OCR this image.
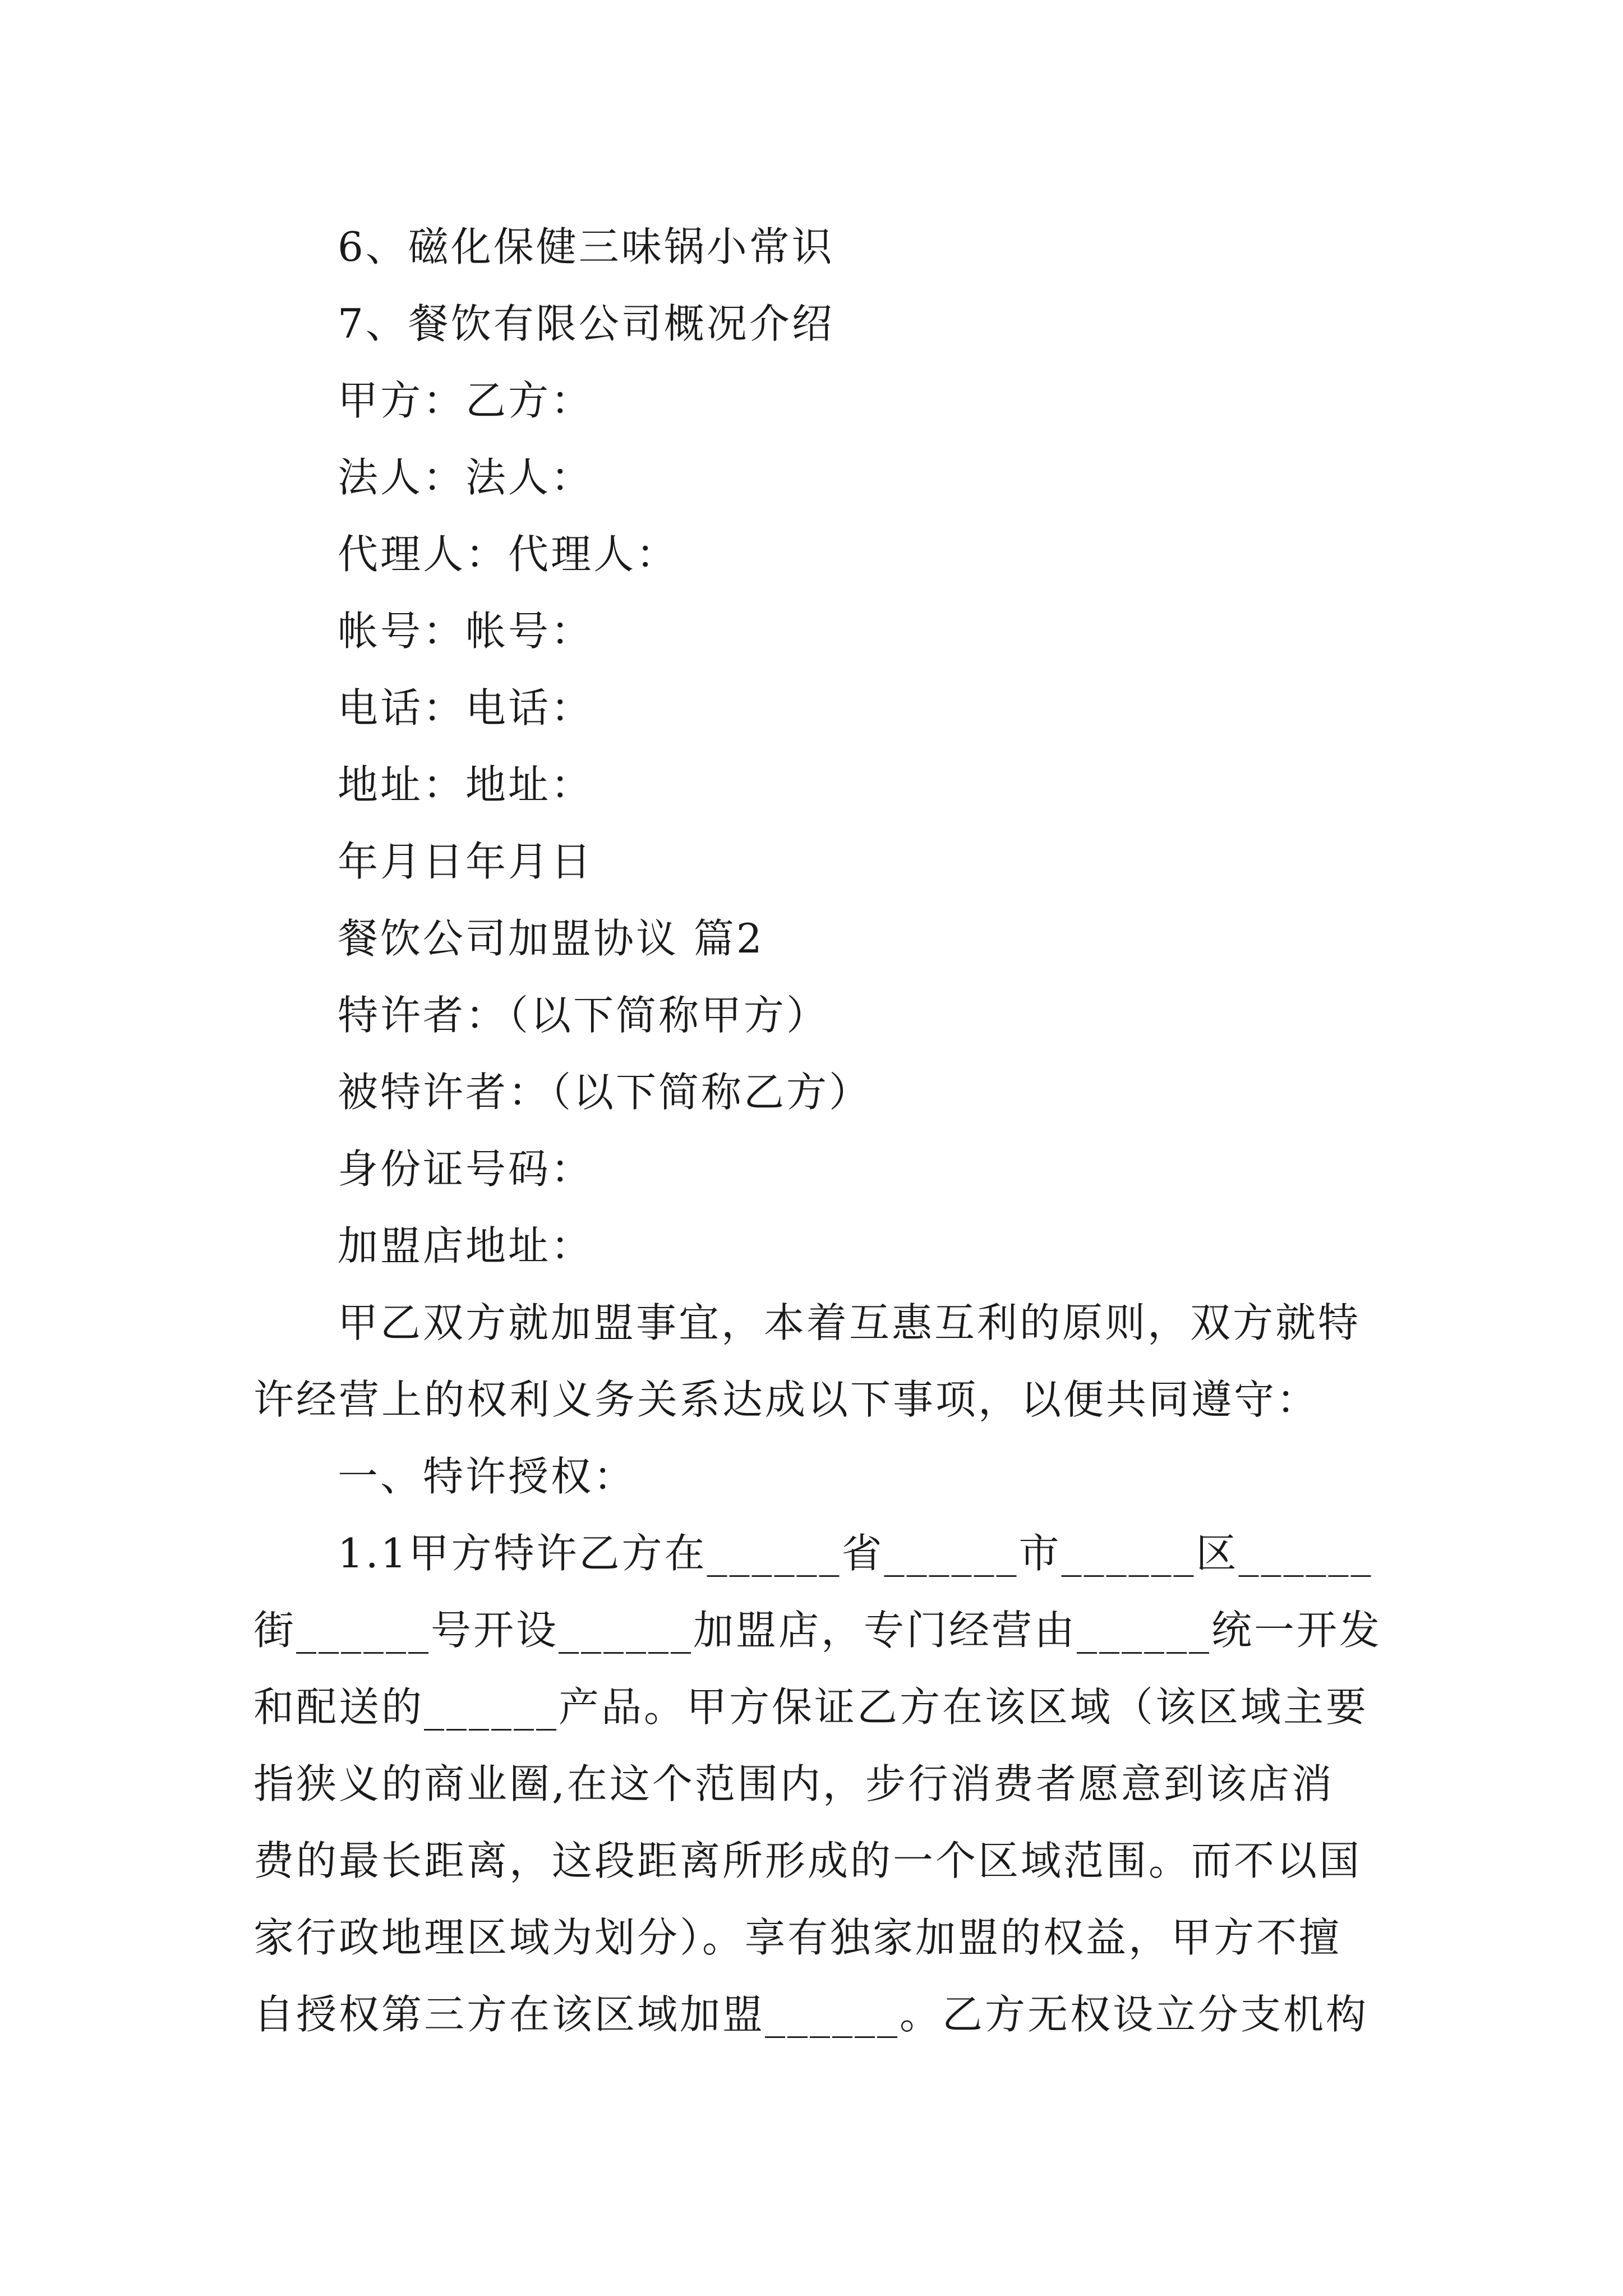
6、磁化保健三味锅小常识
7、餐饮有限公司概况介绍
甲方：乙方：
法人：法人：
代理人：代理人：
帐号：帐号：
电话：电话：
地址：地址：
年月日年月日
餐饮公司加盟协议 篇2
特许者：（以下简称甲方）
被特许者：（以下简称乙方）
身份证号码：
加盟店地址：
甲乙双方就加盟事宜，本着互惠互利的原则，双方就特
许经营上的权利义务关系达成以下事项，以便共同遵守：
一、特许授权：
1.1甲方特许乙方在______省______市______区______
街______号开设______加盟店，专门经营由______统一开发
和配送的______产品。甲方保证乙方在该区域（该区域主要
指狭义的商业圈,在这个范围内，步行消费者愿意到该店消
费的最长距离，这段距离所形成的一个区域范围。而不以国
家行政地理区域为划分）。享有独家加盟的权益，甲方不擅
自授权第三方在该区域加盟______。乙方无权设立分支机构
